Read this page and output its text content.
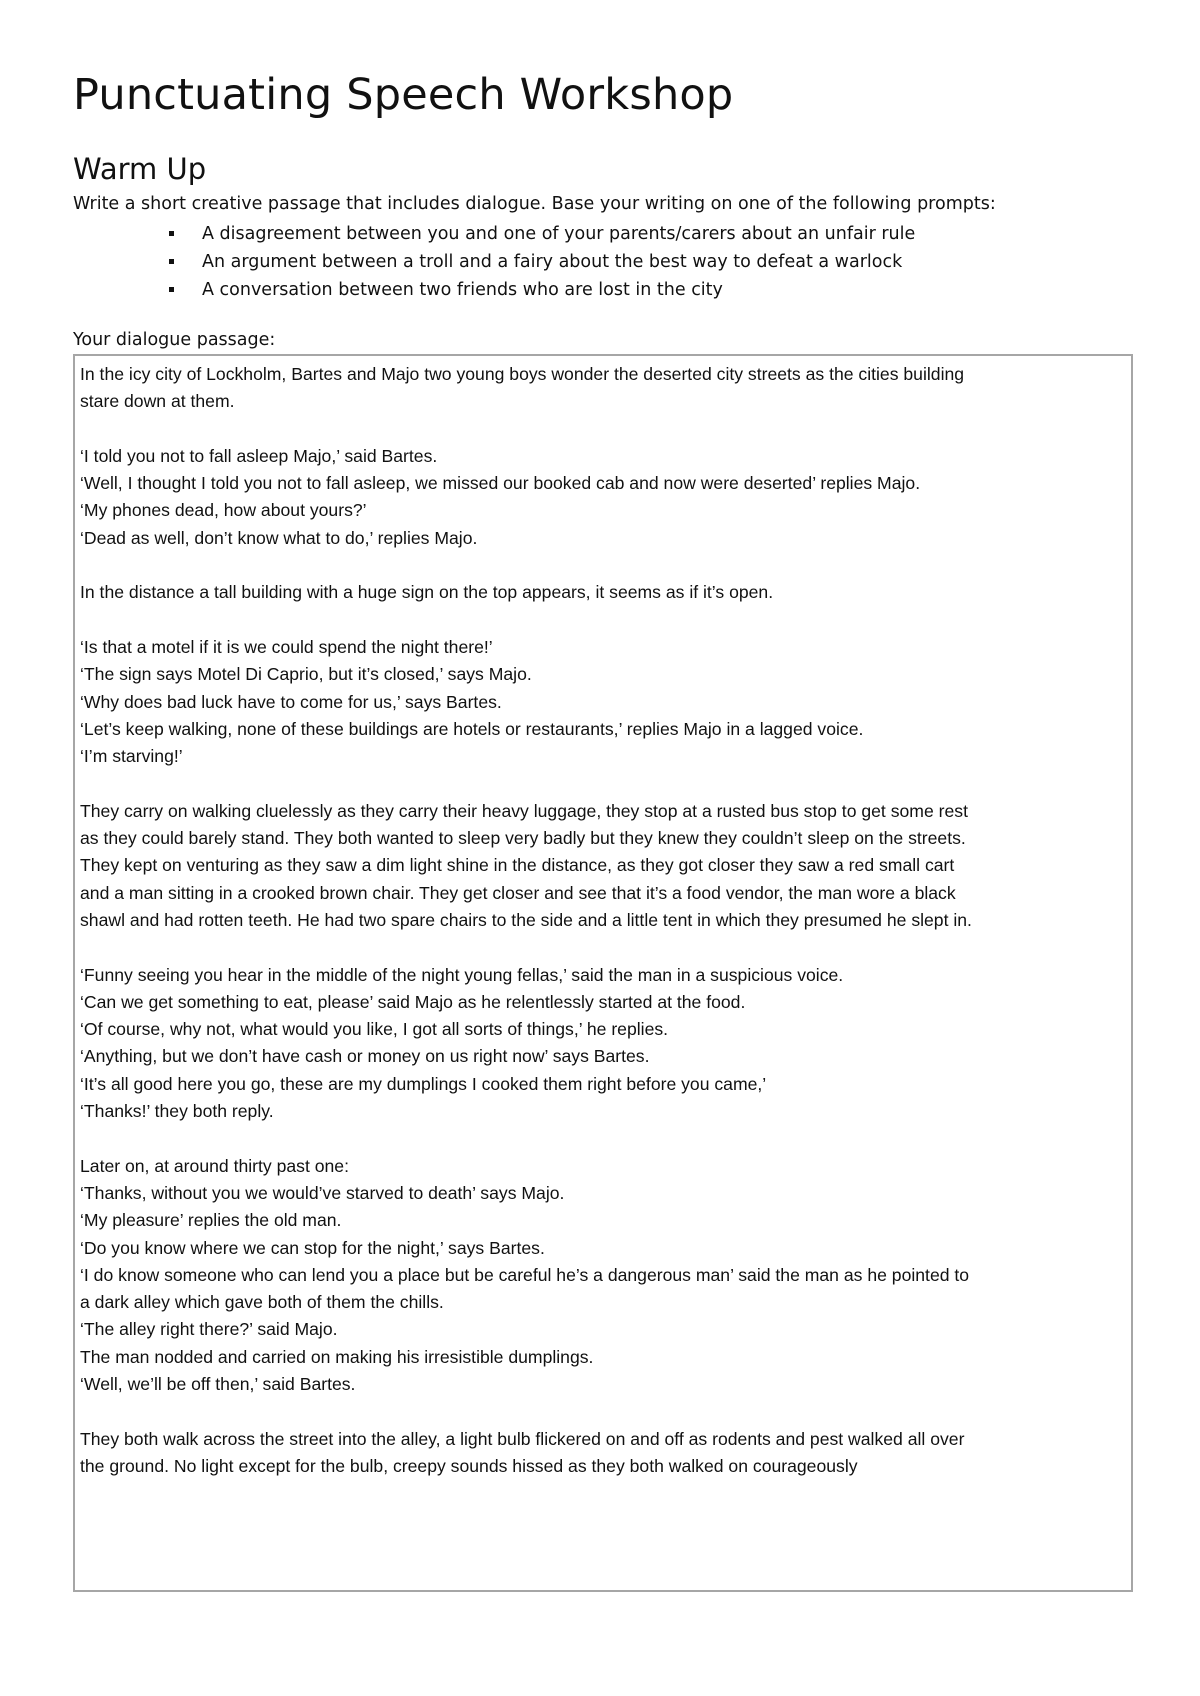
Punctuating Speech Workshop
Warm Up

Write a short creative passage that includes dialogue. Base your writing on one of the following prompts:

A disagreement between you and one of your parents/carers about an unfair rule
An argument between a troll and a fairy about the best way to defeat a warlock
A conversation between two friends who are lost in the city

Your dialogue passage:

In the icy city of Lockholm, Bartes and Majo two young boys wonder the deserted city streets as the cities building
stare down at them.
‘I told you not to fall asleep Majo,’ said Bartes.
‘Well, I thought I told you not to fall asleep, we missed our booked cab and now were deserted’ replies Majo.
‘My phones dead, how about yours?’
‘Dead as well, don’t know what to do,’ replies Majo.
In the distance a tall building with a huge sign on the top appears, it seems as if it’s open.
‘Is that a motel if it is we could spend the night there!’
‘The sign says Motel Di Caprio, but it’s closed,’ says Majo.
‘Why does bad luck have to come for us,’ says Bartes.
‘Let’s keep walking, none of these buildings are hotels or restaurants,’ replies Majo in a lagged voice.
‘I’m starving!’
They carry on walking cluelessly as they carry their heavy luggage, they stop at a rusted bus stop to get some rest
as they could barely stand. They both wanted to sleep very badly but they knew they couldn’t sleep on the streets.
They kept on venturing as they saw a dim light shine in the distance, as they got closer they saw a red small cart
and a man sitting in a crooked brown chair. They get closer and see that it’s a food vendor, the man wore a black
shawl and had rotten teeth. He had two spare chairs to the side and a little tent in which they presumed he slept in.
‘Funny seeing you hear in the middle of the night young fellas,’ said the man in a suspicious voice.
‘Can we get something to eat, please’ said Majo as he relentlessly started at the food.
‘Of course, why not, what would you like, I got all sorts of things,’ he replies.
‘Anything, but we don’t have cash or money on us right now’ says Bartes.
‘It’s all good here you go, these are my dumplings I cooked them right before you came,’
‘Thanks!’ they both reply.
Later on, at around thirty past one:
‘Thanks, without you we would’ve starved to death’ says Majo.
‘My pleasure’ replies the old man.
‘Do you know where we can stop for the night,’ says Bartes.
‘I do know someone who can lend you a place but be careful he’s a dangerous man’ said the man as he pointed to
a dark alley which gave both of them the chills.
‘The alley right there?’ said Majo.
The man nodded and carried on making his irresistible dumplings.
‘Well, we’ll be off then,’ said Bartes.
They both walk across the street into the alley, a light bulb flickered on and off as rodents and pest walked all over
the ground. No light except for the bulb, creepy sounds hissed as they both walked on courageously
